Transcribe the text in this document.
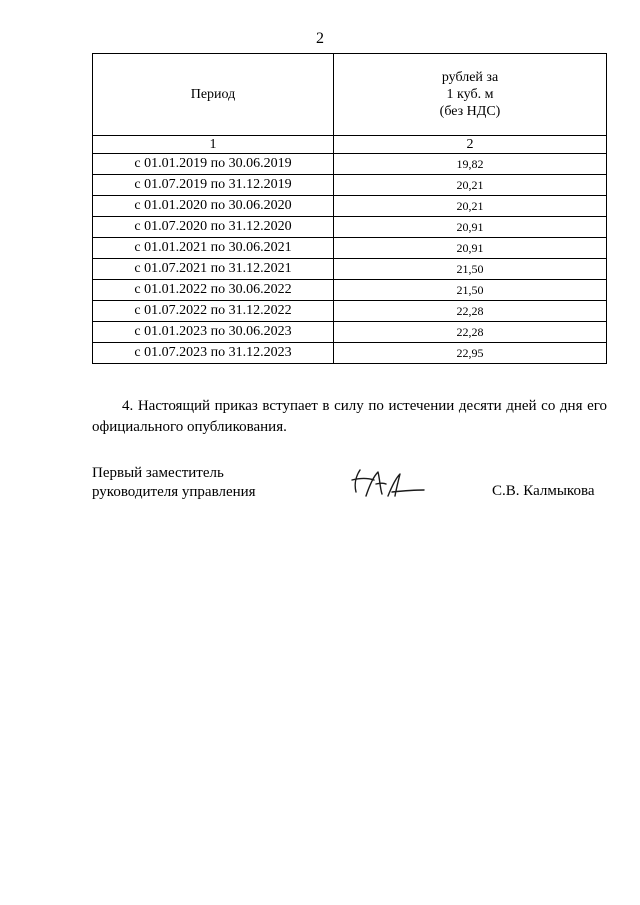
2
Период	рублей за
1 куб. м
(без НДС)

1	2
с 01.01.2019 по 30.06.2019	19,82
с 01.07.2019 по 31.12.2019	20,21
с 01.01.2020 по 30.06.2020	20,21
с 01.07.2020 по 31.12.2020	20,91
с 01.01.2021 по 30.06.2021	20,91
с 01.07.2021 по 31.12.2021	21,50
с 01.01.2022 по 30.06.2022	21,50
с 01.07.2022 по 31.12.2022	22,28
с 01.01.2023 по 30.06.2023	22,28
с 01.07.2023 по 31.12.2023	22,95
4. Настоящий приказ вступает в силу по истечении десяти дней со дня его официального опубликования.
Первый заместитель
руководителя управления	С.В. Калмыкова
